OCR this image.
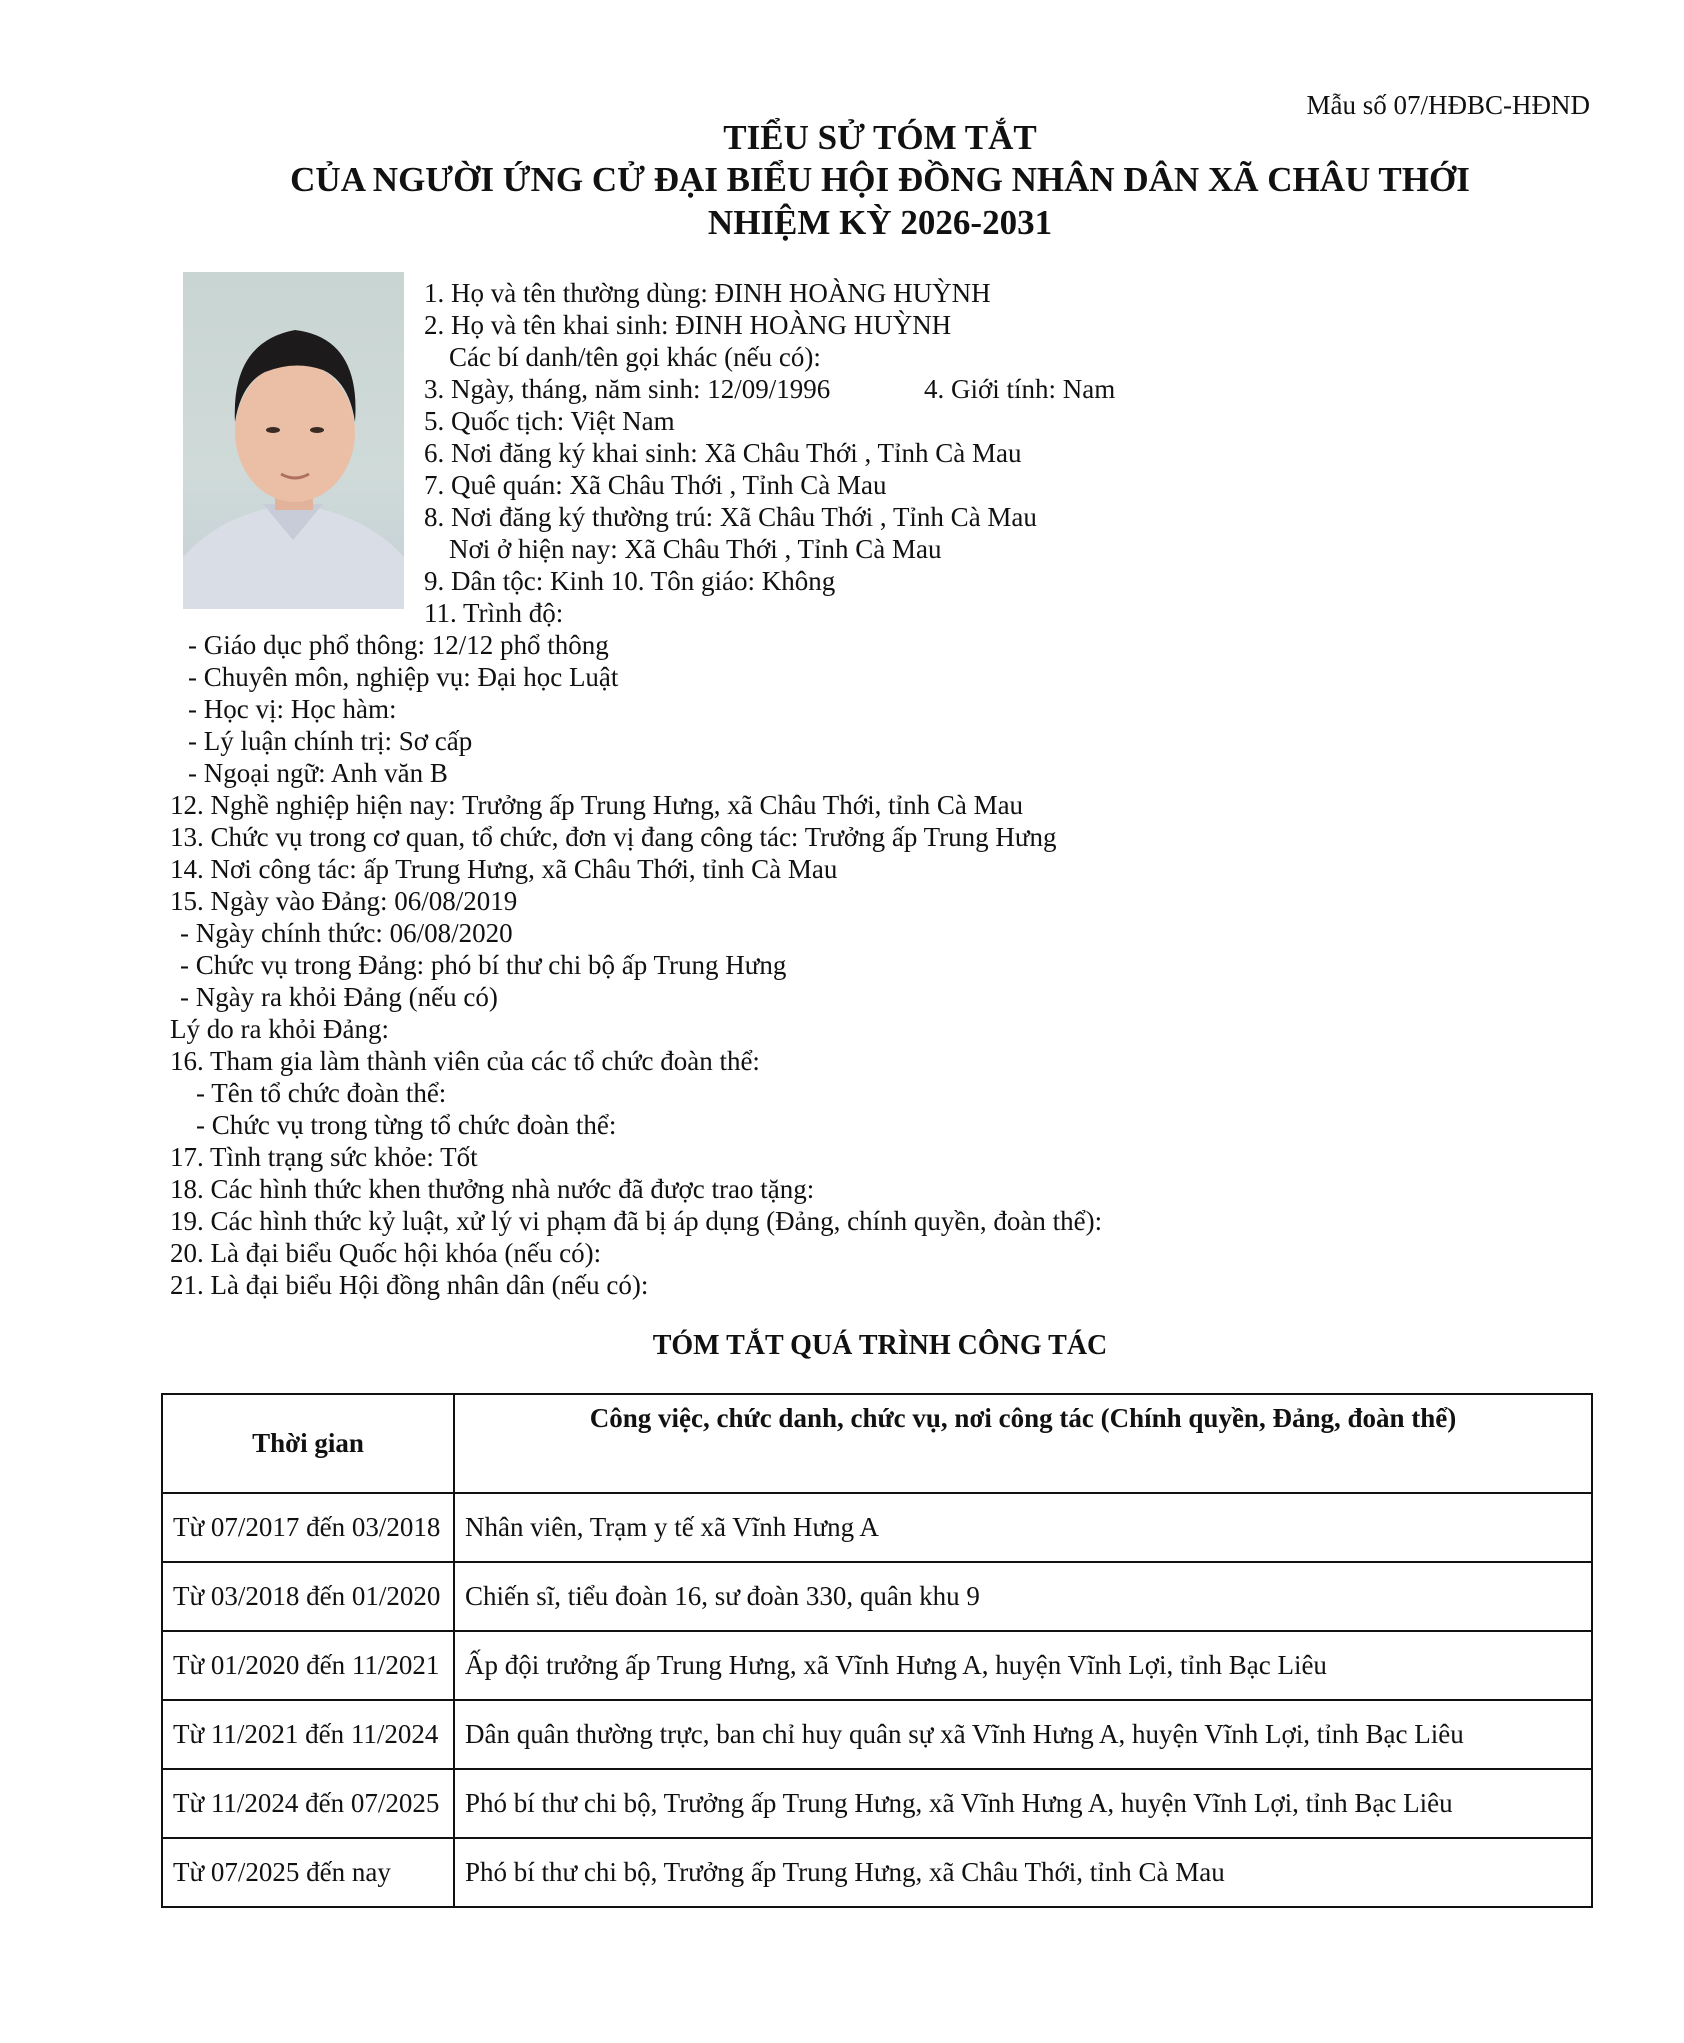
Mẫu số 07/HĐBC-HĐND
TIỂU SỬ TÓM TẮT
CỦA NGƯỜI ỨNG CỬ ĐẠI BIỂU HỘI ĐỒNG NHÂN DÂN XÃ CHÂU THỚI
NHIỆM KỲ 2026-2031
1. Họ và tên thường dùng: ĐINH HOÀNG HUỲNH
2. Họ và tên khai sinh: ĐINH HOÀNG HUỲNH
Các bí danh/tên gọi khác (nếu có):
3. Ngày, tháng, năm sinh: 12/09/1996	4. Giới tính: Nam
5. Quốc tịch: Việt Nam
6. Nơi đăng ký khai sinh: Xã Châu Thới , Tỉnh Cà Mau
7. Quê quán: Xã Châu Thới , Tỉnh Cà Mau
8. Nơi đăng ký thường trú: Xã Châu Thới , Tỉnh Cà Mau
Nơi ở hiện nay: Xã Châu Thới , Tỉnh Cà Mau
9. Dân tộc: Kinh 10. Tôn giáo: Không
11. Trình độ:
- Giáo dục phổ thông: 12/12 phổ thông
- Chuyên môn, nghiệp vụ: Đại học Luật
- Học vị: Học hàm:
- Lý luận chính trị: Sơ cấp
- Ngoại ngữ: Anh văn B
12. Nghề nghiệp hiện nay: Trưởng ấp Trung Hưng, xã Châu Thới, tỉnh Cà Mau
13. Chức vụ trong cơ quan, tổ chức, đơn vị đang công tác: Trưởng ấp Trung Hưng
14. Nơi công tác: ấp Trung Hưng, xã Châu Thới, tỉnh Cà Mau
15. Ngày vào Đảng: 06/08/2019
- Ngày chính thức: 06/08/2020
- Chức vụ trong Đảng: phó bí thư chi bộ ấp Trung Hưng
- Ngày ra khỏi Đảng (nếu có)
Lý do ra khỏi Đảng:
16. Tham gia làm thành viên của các tổ chức đoàn thể:
- Tên tổ chức đoàn thể:
- Chức vụ trong từng tổ chức đoàn thể:
17. Tình trạng sức khỏe: Tốt
18. Các hình thức khen thưởng nhà nước đã được trao tặng:
19. Các hình thức kỷ luật, xử lý vi phạm đã bị áp dụng (Đảng, chính quyền, đoàn thể):
20. Là đại biểu Quốc hội khóa (nếu có):
21. Là đại biểu Hội đồng nhân dân (nếu có):
TÓM TẮT QUÁ TRÌNH CÔNG TÁC
Thời gian	Công việc, chức danh, chức vụ, nơi công tác (Chính quyền, Đảng, đoàn thể)
Từ 07/2017 đến 03/2018	Nhân viên, Trạm y tế xã Vĩnh Hưng A
Từ 03/2018 đến 01/2020	Chiến sĩ, tiểu đoàn 16, sư đoàn 330, quân khu 9
Từ 01/2020 đến 11/2021	Ấp đội trưởng ấp Trung Hưng, xã Vĩnh Hưng A, huyện Vĩnh Lợi, tỉnh Bạc Liêu
Từ 11/2021 đến 11/2024	Dân quân thường trực, ban chỉ huy quân sự xã Vĩnh Hưng A, huyện Vĩnh Lợi, tỉnh Bạc Liêu
Từ 11/2024 đến 07/2025	Phó bí thư chi bộ, Trưởng ấp Trung Hưng, xã Vĩnh Hưng A, huyện Vĩnh Lợi, tỉnh Bạc Liêu
Từ 07/2025 đến nay	Phó bí thư chi bộ, Trưởng ấp Trung Hưng, xã Châu Thới, tỉnh Cà Mau
